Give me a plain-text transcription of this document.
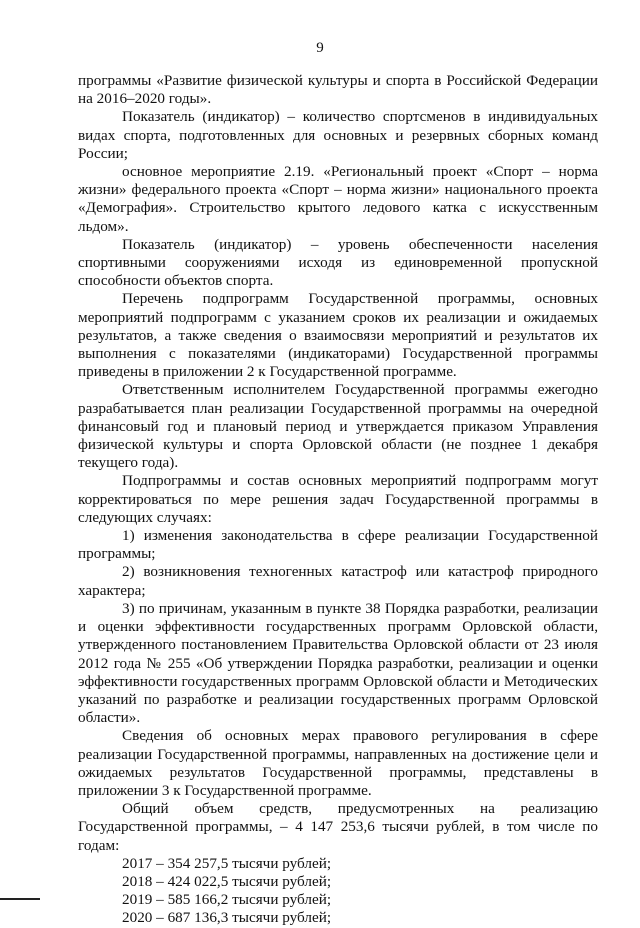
9

программы «Развитие физической культуры и спорта в Российской Федерации на 2016–2020 годы».

Показатель (индикатор) – количество спортсменов в индивидуальных видах спорта, подготовленных для основных и резервных сборных команд России;

основное мероприятие 2.19. «Региональный проект «Спорт – норма жизни» федерального проекта «Спорт – норма жизни» национального проекта «Демография». Строительство крытого ледового катка с искусственным льдом».

Показатель (индикатор) – уровень обеспеченности населения спортивными сооружениями исходя из единовременной пропускной способности объектов спорта.

Перечень подпрограмм Государственной программы, основных мероприятий подпрограмм с указанием сроков их реализации и ожидаемых результатов, а также сведения о взаимосвязи мероприятий и результатов их выполнения с показателями (индикаторами) Государственной программы приведены в приложении 2 к Государственной программе.

Ответственным исполнителем Государственной программы ежегодно разрабатывается план реализации Государственной программы на очередной финансовый год и плановый период и утверждается приказом Управления физической культуры и спорта Орловской области (не позднее 1 декабря текущего года).

Подпрограммы и состав основных мероприятий подпрограмм могут корректироваться по мере решения задач Государственной программы в следующих случаях:

1) изменения законодательства в сфере реализации Государственной программы;

2) возникновения техногенных катастроф или катастроф природного характера;

3) по причинам, указанным в пункте 38 Порядка разработки, реализации и оценки эффективности государственных программ Орловской области, утвержденного постановлением Правительства Орловской области от 23 июля 2012 года № 255 «Об утверждении Порядка разработки, реализации и оценки эффективности государственных программ Орловской области и Методических указаний по разработке и реализации государственных программ Орловской области».

Сведения об основных мерах правового регулирования в сфере реализации Государственной программы, направленных на достижение цели и ожидаемых результатов Государственной программы, представлены в приложении 3 к Государственной программе.

Общий объем средств, предусмотренных на реализацию Государственной программы, – 4 147 253,6 тысячи рублей, в том числе по годам:

2017 – 354 257,5 тысячи рублей;

2018 – 424 022,5 тысячи рублей;

2019 – 585 166,2 тысячи рублей;

2020 – 687 136,3 тысячи рублей;
